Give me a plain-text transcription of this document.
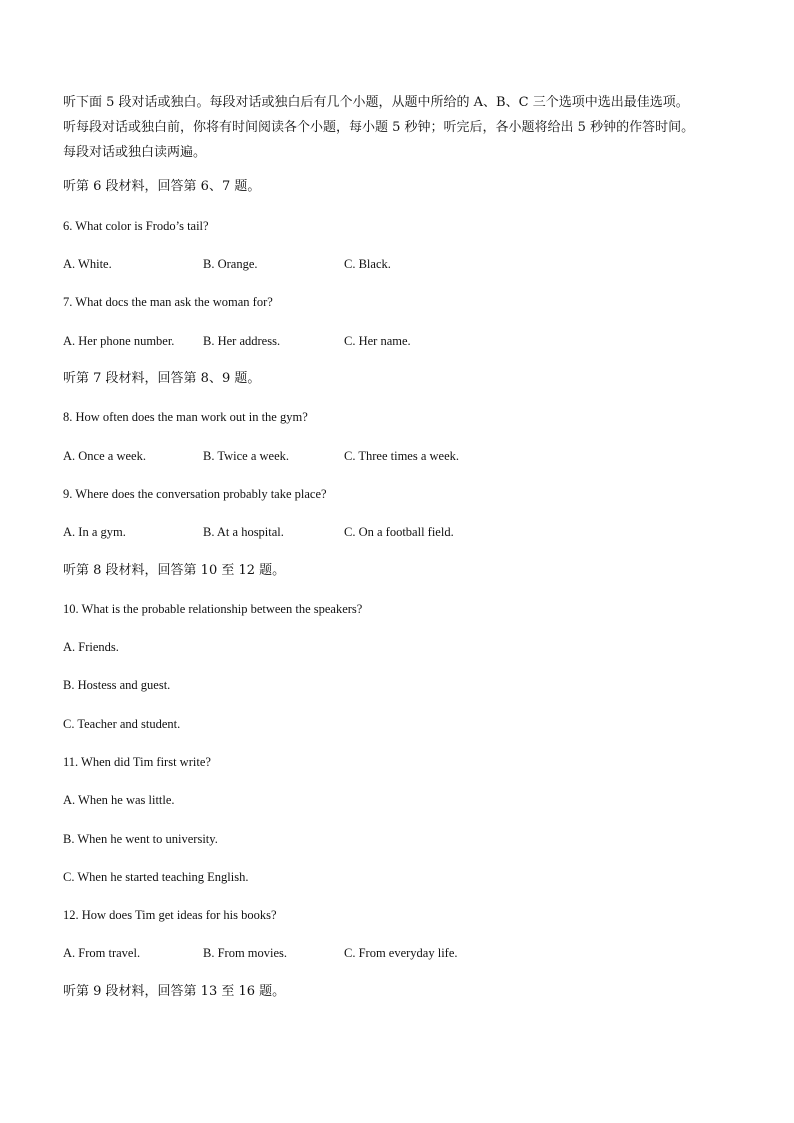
听下面 5 段对话或独白。每段对话或独白后有几个小题，从题中所给的 A、B、C 三个选项中选出最佳选项。

听每段对话或独白前，你将有时间阅读各个小题，每小题 5 秒钟；听完后，各小题将给出 5 秒钟的作答时间。

每段对话或独白读两遍。

听第 6 段材料，回答第 6、7 题。
6. What color is Frodo’s tail?
A. White.	B. Orange.	C. Black.
7. What docs the man ask the woman for?
A. Her phone number. B. Her address.	C. Her name.
听第 7 段材料，回答第 8、9 题。
8. How often does the man work out in the gym?
A. Once a week.	B. Twice a week.	C. Three times a week.
9. Where does the conversation probably take place?
A. In a gym.	B. At a hospital.	C. On a football field.
听第 8 段材料，回答第 10 至 12 题。
10. What is the probable relationship between the speakers?
A. Friends.
B. Hostess and guest.
C. Teacher and student.
11. When did Tim first write?
A. When he was little.
B. When he went to university.
C. When he started teaching English.
12. How does Tim get ideas for his books?
A. From travel.	B. From movies.	C. From everyday life.
听第 9 段材料，回答第 13 至 16 题。
